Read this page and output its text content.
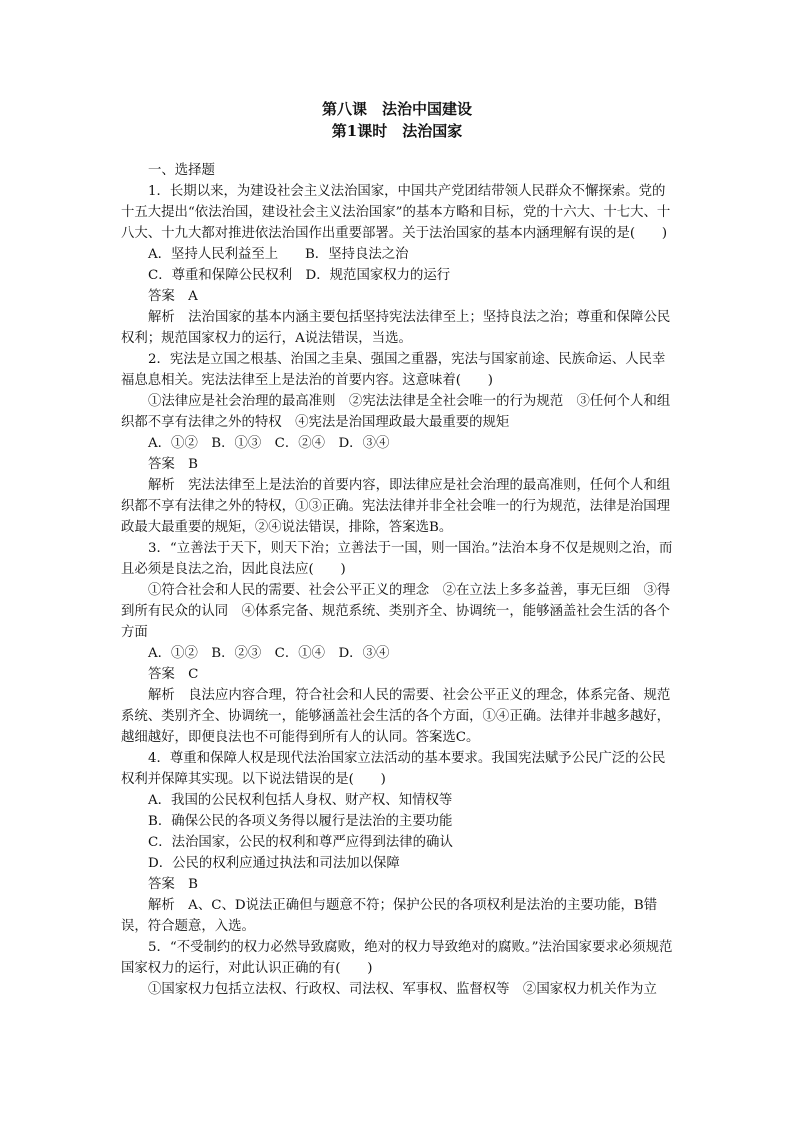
第八课　法治中国建设
第1课时　法治国家

一、选择题

1．长期以来，为建设社会主义法治国家，中国共产党团结带领人民群众不懈探索。党的十五大提出“依法治国，建设社会主义法治国家”的基本方略和目标，党的十六大、十七大、十八大、十九大都对推进依法治国作出重要部署。关于法治国家的基本内涵理解有误的是(　　)

A．坚持人民利益至上　　B．坚持良法之治

C．尊重和保障公民权利　D．规范国家权力的运行

答案　A

解析　法治国家的基本内涵主要包括坚持宪法法律至上；坚持良法之治；尊重和保障公民权利；规范国家权力的运行，A说法错误，当选。

2．宪法是立国之根基、治国之圭臬、强国之重器，宪法与国家前途、民族命运、人民幸福息息相关。宪法法律至上是法治的首要内容。这意味着(　　)

①法律应是社会治理的最高准则　②宪法法律是全社会唯一的行为规范　③任何个人和组织都不享有法律之外的特权　④宪法是治国理政最大最重要的规矩

A．①②　B．①③　C．②④　D．③④

答案　B

解析　宪法法律至上是法治的首要内容，即法律应是社会治理的最高准则，任何个人和组织都不享有法律之外的特权，①③正确。宪法法律并非全社会唯一的行为规范，法律是治国理政最大最重要的规矩，②④说法错误，排除，答案选B。

3．“立善法于天下，则天下治；立善法于一国，则一国治。”法治本身不仅是规则之治，而且必须是良法之治，因此良法应(　　)

①符合社会和人民的需要、社会公平正义的理念　②在立法上多多益善，事无巨细　③得到所有民众的认同　④体系完备、规范系统、类别齐全、协调统一，能够涵盖社会生活的各个方面

A．①②　B．②③　C．①④　D．③④

答案　C

解析　良法应内容合理，符合社会和人民的需要、社会公平正义的理念，体系完备、规范系统、类别齐全、协调统一，能够涵盖社会生活的各个方面，①④正确。法律并非越多越好，越细越好，即便良法也不可能得到所有人的认同。答案选C。

4．尊重和保障人权是现代法治国家立法活动的基本要求。我国宪法赋予公民广泛的公民权利并保障其实现。以下说法错误的是(　　)

A．我国的公民权利包括人身权、财产权、知情权等

B．确保公民的各项义务得以履行是法治的主要功能

C．法治国家，公民的权利和尊严应得到法律的确认

D．公民的权利应通过执法和司法加以保障

答案　B

解析　A、C、D说法正确但与题意不符；保护公民的各项权利是法治的主要功能，B错误，符合题意，入选。

5．“不受制约的权力必然导致腐败，绝对的权力导致绝对的腐败。”法治国家要求必须规范国家权力的运行，对此认识正确的有(　　)

①国家权力包括立法权、行政权、司法权、军事权、监督权等　②国家权力机关作为立
